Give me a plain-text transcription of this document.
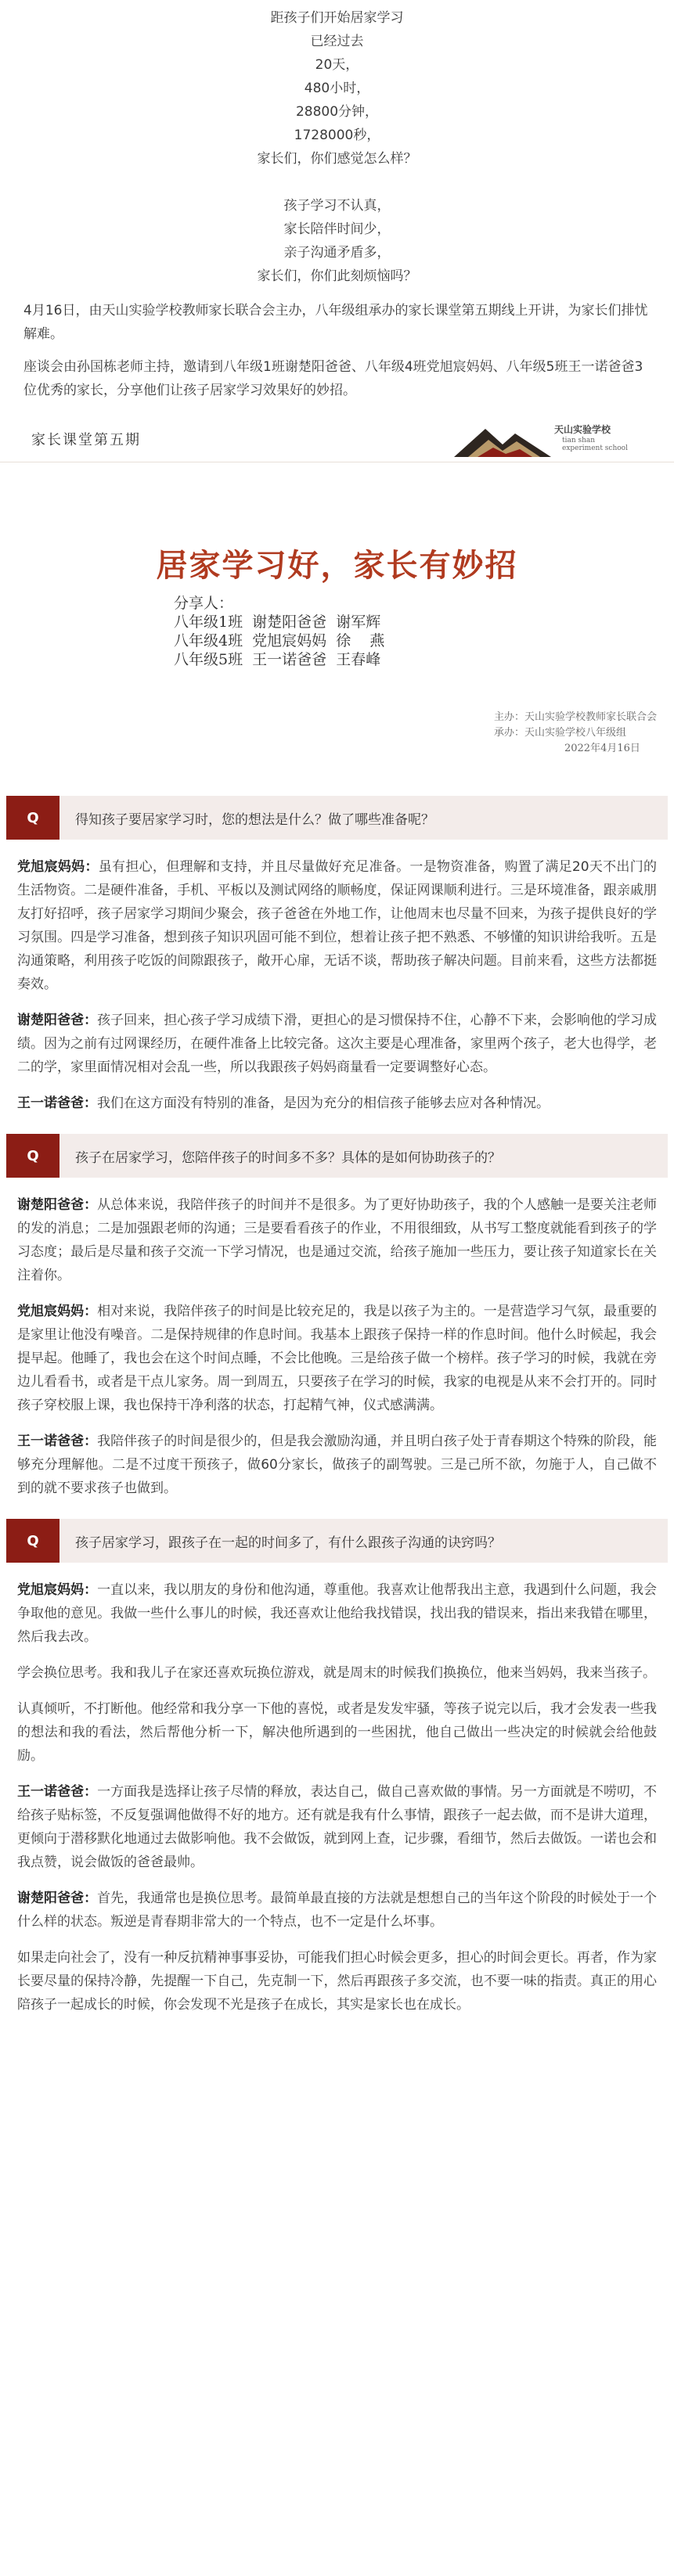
距孩子们开始居家学习
已经过去
20天，
480小时，
28800分钟，
1728000秒，
家长们，你们感觉怎么样？
孩子学习不认真，
家长陪伴时间少，
亲子沟通矛盾多，
家长们，你们此刻烦恼吗？

4月16日，由天山实验学校教师家长联合会主办，八年级组承办的家长课堂第五期线上开讲，为家长们排忧解难。

座谈会由孙国栋老师主持，邀请到八年级1班谢楚阳爸爸、八年级4班党旭宸妈妈、八年级5班王一诺爸爸3位优秀的家长，分享他们让孩子居家学习效果好的妙招。

家长课堂第五期
天山实验学校
tian shan
experiment school
居家学习好，家长有妙招
分享人：
八年级1班  谢楚阳爸爸  谢军辉
八年级4班  党旭宸妈妈  徐    燕
八年级5班  王一诺爸爸  王春峰
主办：天山实验学校教师家长联合会
承办：天山实验学校八年级组
2022年4月16日
Q	得知孩子要居家学习时，您的想法是什么？做了哪些准备呢？

党旭宸妈妈：虽有担心，但理解和支持，并且尽量做好充足准备。一是物资准备，购置了满足20天不出门的生活物资。二是硬件准备，手机、平板以及测试网络的顺畅度，保证网课顺利进行。三是环境准备，跟亲戚朋友打好招呼，孩子居家学习期间少聚会，孩子爸爸在外地工作，让他周末也尽量不回来，为孩子提供良好的学习氛围。四是学习准备，想到孩子知识巩固可能不到位，想着让孩子把不熟悉、不够懂的知识讲给我听。五是沟通策略，利用孩子吃饭的间隙跟孩子，敞开心扉，无话不谈，帮助孩子解决问题。目前来看，这些方法都挺奏效。

谢楚阳爸爸：孩子回来，担心孩子学习成绩下滑，更担心的是习惯保持不住，心静不下来，会影响他的学习成绩。因为之前有过网课经历，在硬件准备上比较完备。这次主要是心理准备，家里两个孩子，老大也得学，老二的学，家里面情况相对会乱一些，所以我跟孩子妈妈商量看一定要调整好心态。

王一诺爸爸：我们在这方面没有特别的准备，是因为充分的相信孩子能够去应对各种情况。

Q	孩子在居家学习，您陪伴孩子的时间多不多？具体的是如何协助孩子的？

谢楚阳爸爸：从总体来说，我陪伴孩子的时间并不是很多。为了更好协助孩子，我的个人感触一是要关注老师的发的消息；二是加强跟老师的沟通；三是要看看孩子的作业，不用很细致，从书写工整度就能看到孩子的学习态度；最后是尽量和孩子交流一下学习情况，也是通过交流，给孩子施加一些压力，要让孩子知道家长在关注着你。

党旭宸妈妈：相对来说，我陪伴孩子的时间是比较充足的，我是以孩子为主的。一是营造学习气氛，最重要的是家里让他没有噪音。二是保持规律的作息时间。我基本上跟孩子保持一样的作息时间。他什么时候起，我会提早起。他睡了，我也会在这个时间点睡，不会比他晚。三是给孩子做一个榜样。孩子学习的时候，我就在旁边儿看看书，或者是干点儿家务。周一到周五，只要孩子在学习的时候，我家的电视是从来不会打开的。同时孩子穿校服上课，我也保持干净利落的状态，打起精气神，仪式感满满。

王一诺爸爸：我陪伴孩子的时间是很少的，但是我会激励沟通，并且明白孩子处于青春期这个特殊的阶段，能够充分理解他。二是不过度干预孩子，做60分家长，做孩子的副驾驶。三是己所不欲，勿施于人，自己做不到的就不要求孩子也做到。

Q	孩子居家学习，跟孩子在一起的时间多了，有什么跟孩子沟通的诀窍吗？

党旭宸妈妈：一直以来，我以朋友的身份和他沟通，尊重他。我喜欢让他帮我出主意，我遇到什么问题，我会争取他的意见。我做一些什么事儿的时候，我还喜欢让他给我找错误，找出我的错误来，指出来我错在哪里，然后我去改。

学会换位思考。我和我儿子在家还喜欢玩换位游戏，就是周末的时候我们换换位，他来当妈妈，我来当孩子。

认真倾听，不打断他。他经常和我分享一下他的喜悦，或者是发发牢骚，等孩子说完以后，我才会发表一些我的想法和我的看法，然后帮他分析一下，解决他所遇到的一些困扰，他自己做出一些决定的时候就会给他鼓励。

王一诺爸爸：一方面我是选择让孩子尽情的释放，表达自己，做自己喜欢做的事情。另一方面就是不唠叨，不给孩子贴标签，不反复强调他做得不好的地方。还有就是我有什么事情，跟孩子一起去做，而不是讲大道理，更倾向于潜移默化地通过去做影响他。我不会做饭，就到网上查，记步骤，看细节，然后去做饭。一诺也会和我点赞，说会做饭的爸爸最帅。

谢楚阳爸爸：首先，我通常也是换位思考。最简单最直接的方法就是想想自己的当年这个阶段的时候处于一个什么样的状态。叛逆是青春期非常大的一个特点，也不一定是什么坏事。

如果走向社会了，没有一种反抗精神事事妥协，可能我们担心时候会更多，担心的时间会更长。再者，作为家长要尽量的保持冷静，先提醒一下自己，先克制一下，然后再跟孩子多交流，也不要一味的指责。真正的用心陪孩子一起成长的时候，你会发现不光是孩子在成长，其实是家长也在成长。
